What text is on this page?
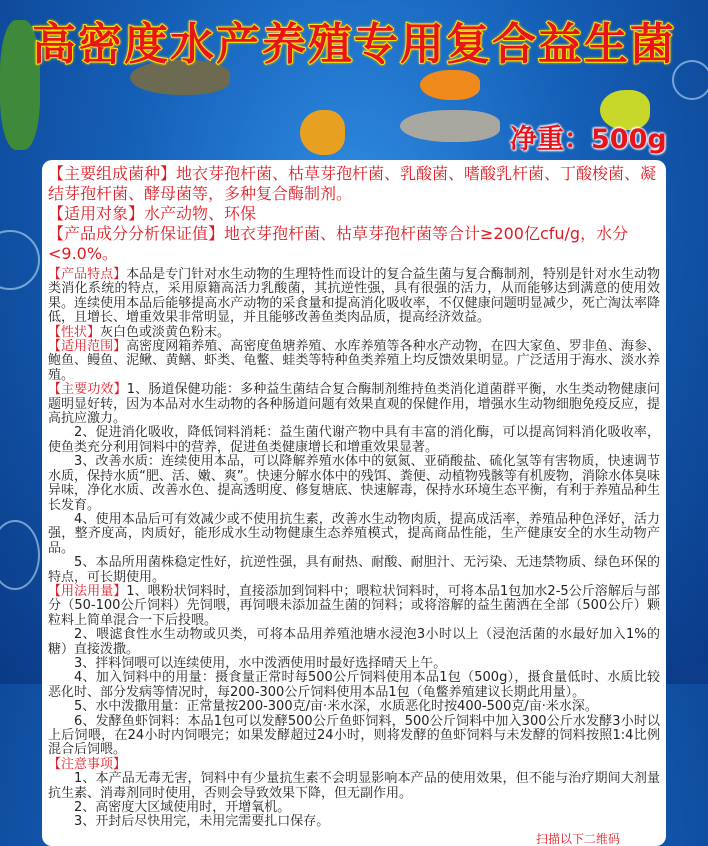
高密度水产养殖专用复合益生菌
净重：500g

【主要组成菌种】地衣芽孢杆菌、枯草芽孢杆菌、乳酸菌、嗜酸乳杆菌、丁酸梭菌、凝结芽孢杆菌、酵母菌等，多种复合酶制剂。

【适用对象】水产动物、环保

【产品成分分析保证值】地衣芽孢杆菌、枯草芽孢杆菌等合计≥200亿cfu/g，水分<9.0%。

【产品特点】本品是专门针对水生动物的生理特性而设计的复合益生菌与复合酶制剂，特别是针对水生动物类消化系统的特点，采用原籍高活力乳酸菌，其抗逆性强，具有很强的活力，从而能够达到满意的使用效果。连续使用本品后能够提高水产动物的采食量和提高消化吸收率，不仅健康问题明显减少，死亡淘汰率降低，且增长、增重效果非常明显，并且能够改善鱼类肉品质，提高经济效益。

【性状】灰白色或淡黄色粉末。

【适用范围】高密度网箱养殖、高密度鱼塘养殖、水库养殖等各种水产动物，在四大家鱼、罗非鱼、海参、鲍鱼、鳗鱼、泥鳅、黄鳝、虾类、龟鳖、蛙类等特种鱼类养殖上均反馈效果明显。广泛适用于海水、淡水养殖。

【主要功效】1、肠道保健功能：多种益生菌结合复合酶制剂维持鱼类消化道菌群平衡，水生类动物健康问题明显好转，因为本品对水生动物的各种肠道问题有效果直观的保健作用，增强水生动物细胞免疫反应，提高抗应激力。

2、促进消化吸收，降低饲料消耗：益生菌代谢产物中具有丰富的消化酶，可以提高饲料消化吸收率，使鱼类充分利用饲料中的营养，促进鱼类健康增长和增重效果显著。

3、改善水质：连续使用本品，可以降解养殖水体中的氨氮、亚硝酸盐、硫化氢等有害物质，快速调节水质，保持水质“肥、活、嫩、爽”。快速分解水体中的残饵、粪便、动植物残骸等有机废物，消除水体臭味异味，净化水质、改善水色、提高透明度、修复塘底、快速解毒，保持水环境生态平衡，有利于养殖品种生长发育。

4、使用本品后可有效减少或不使用抗生素，改善水生动物肉质，提高成活率，养殖品种色泽好，活力强，整齐度高，肉质好，能形成水生动物健康生态养殖模式，提高商品性能，生产健康安全的水生动物产品。

5、本品所用菌株稳定性好，抗逆性强，具有耐热、耐酸、耐胆汁、无污染、无违禁物质、绿色环保的特点，可长期使用。

【用法用量】1、喂粉状饲料时，直接添加到饲料中；喂粒状饲料时，可将本品1包加水2-5公斤溶解后与部分（50-100公斤饲料）先饲喂，再饲喂未添加益生菌的饲料；或将溶解的益生菌洒在全部（500公斤）颗粒料上简单混合一下后投喂。

2、喂滤食性水生动物或贝类，可将本品用养殖池塘水浸泡3小时以上（浸泡活菌的水最好加入1%的糖）直接泼撒。

3、拌料饲喂可以连续使用，水中泼洒使用时最好选择晴天上午。

4、加入饲料中的用量：摄食量正常时每500公斤饲料使用本品1包（500g），摄食量低时、水质比较恶化时、部分发病等情况时，每200-300公斤饲料使用本品1包（龟鳖养殖建议长期此用量）。

5、水中泼撒用量：正常量按200-300克/亩·米水深，水质恶化时按400-500克/亩·米水深。

6、发酵鱼虾饲料：本品1包可以发酵500公斤鱼虾饲料，500公斤饲料中加入300公斤水发酵3小时以上后饲喂，在24小时内饲喂完；如果发酵超过24小时，则将发酵的鱼虾饲料与未发酵的饲料按照1:4比例混合后饲喂。

【注意事项】

1、本产品无毒无害，饲料中有少量抗生素不会明显影响本产品的使用效果，但不能与治疗期间大剂量抗生素、消毒剂同时使用，否则会导致效果下降，但无副作用。

2、高密度大区域使用时，开增氧机。

3、开封后尽快用完，未用完需要扎口保存。

扫描以下二维码
